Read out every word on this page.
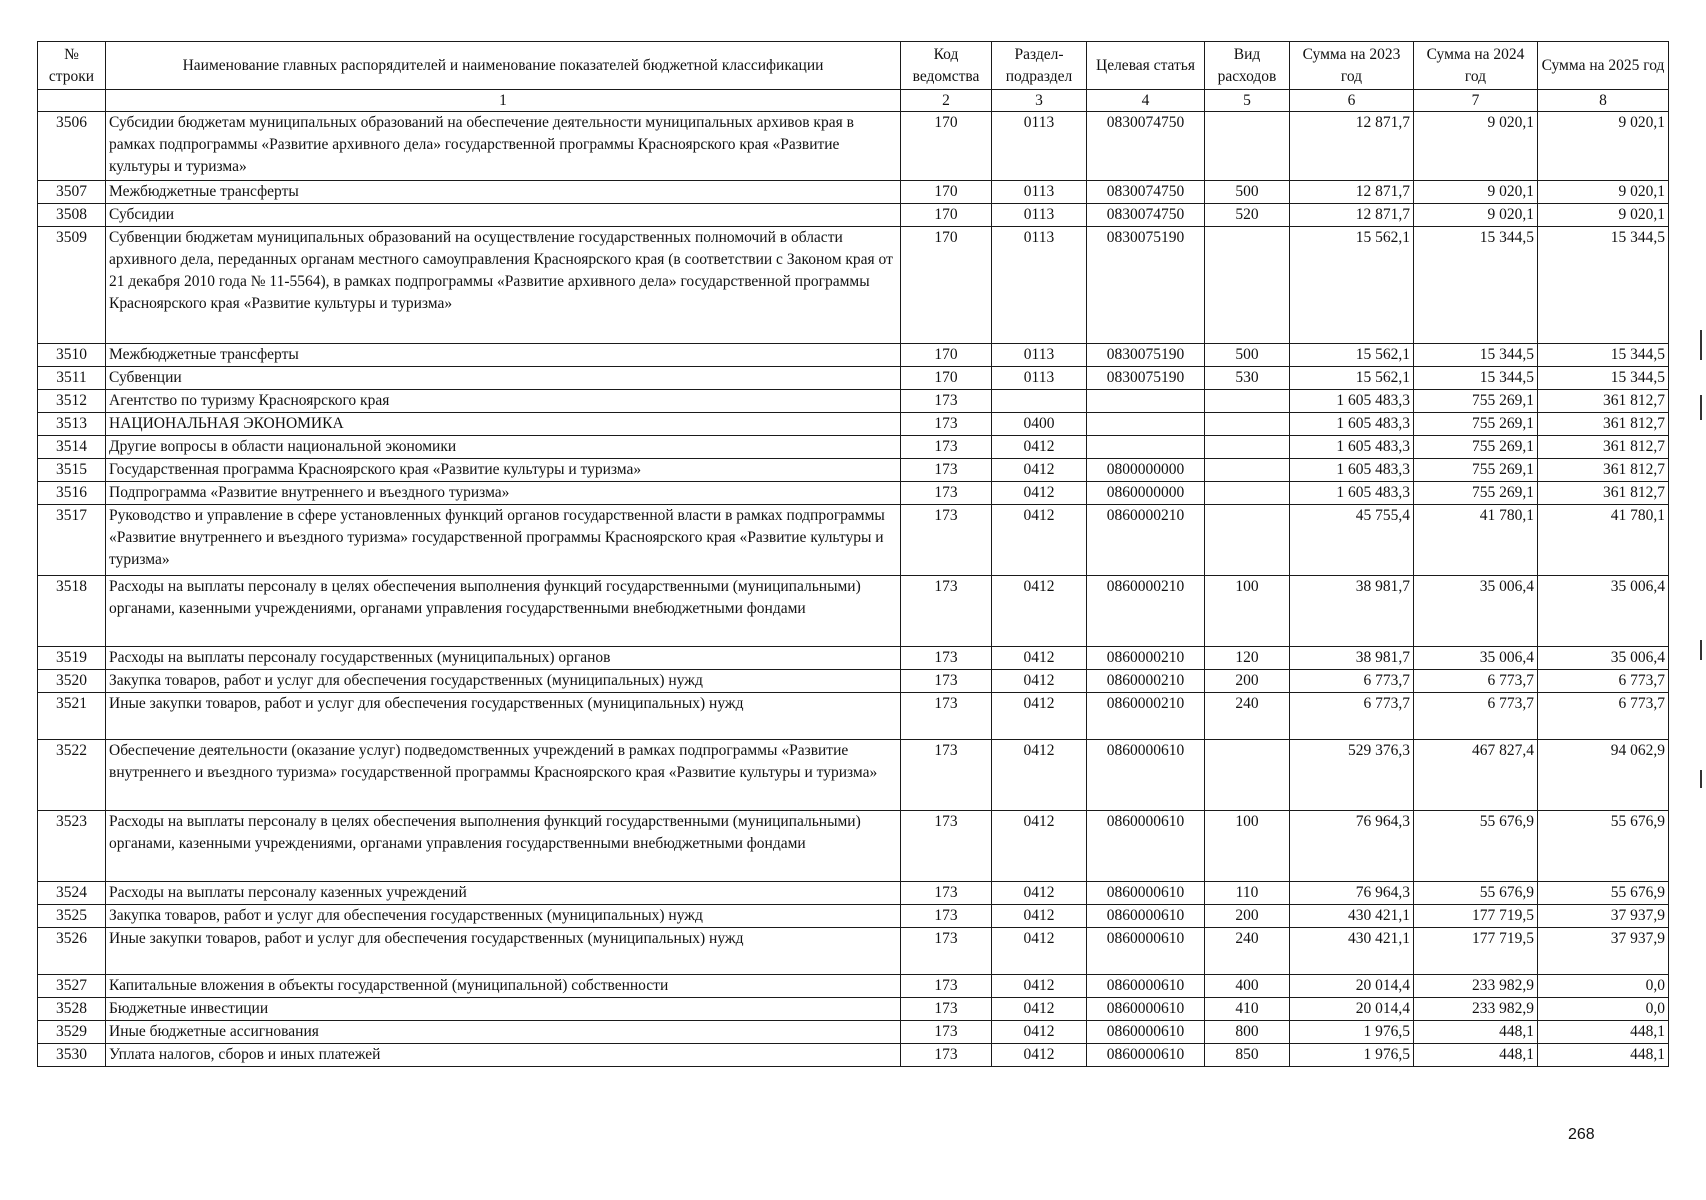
№ строки	Наименование главных распорядителей и наименование показателей бюджетной классификации	Код ведомства	Раздел-подраздел	Целевая статья	Вид расходов	Сумма на 2023 год	Сумма на 2024 год	Сумма на 2025 год
	1	2	3	4	5	6	7	8
3506	Субсидии бюджетам муниципальных образований на обеспечение деятельности муниципальных архивов края в рамках подпрограммы «Развитие архивного дела» государственной программы Красноярского края «Развитие культуры и туризма»	170	0113	0830074750		12 871,7	9 020,1	9 020,1
3507	Межбюджетные трансферты	170	0113	0830074750	500	12 871,7	9 020,1	9 020,1
3508	Субсидии	170	0113	0830074750	520	12 871,7	9 020,1	9 020,1
3509	Субвенции бюджетам муниципальных образований на осуществление государственных полномочий в области архивного дела, переданных органам местного самоуправления Красноярского края (в соответствии с Законом края от 21 декабря 2010 года № 11-5564), в рамках подпрограммы «Развитие архивного дела» государственной программы Красноярского края «Развитие культуры и туризма»	170	0113	0830075190		15 562,1	15 344,5	15 344,5
3510	Межбюджетные трансферты	170	0113	0830075190	500	15 562,1	15 344,5	15 344,5
3511	Субвенции	170	0113	0830075190	530	15 562,1	15 344,5	15 344,5
3512	Агентство по туризму Красноярского края	173				1 605 483,3	755 269,1	361 812,7
3513	НАЦИОНАЛЬНАЯ ЭКОНОМИКА	173	0400			1 605 483,3	755 269,1	361 812,7
3514	Другие вопросы в области национальной экономики	173	0412			1 605 483,3	755 269,1	361 812,7
3515	Государственная программа Красноярского края «Развитие культуры и туризма»	173	0412	0800000000		1 605 483,3	755 269,1	361 812,7
3516	Подпрограмма «Развитие внутреннего и въездного туризма»	173	0412	0860000000		1 605 483,3	755 269,1	361 812,7
3517	Руководство и управление в сфере установленных функций органов государственной власти в рамках подпрограммы «Развитие внутреннего и въездного туризма» государственной программы Красноярского края «Развитие культуры и туризма»	173	0412	0860000210		45 755,4	41 780,1	41 780,1
3518	Расходы на выплаты персоналу в целях обеспечения выполнения функций государственными (муниципальными) органами, казенными учреждениями, органами управления государственными внебюджетными фондами	173	0412	0860000210	100	38 981,7	35 006,4	35 006,4
3519	Расходы на выплаты персоналу государственных (муниципальных) органов	173	0412	0860000210	120	38 981,7	35 006,4	35 006,4
3520	Закупка товаров, работ и услуг для обеспечения государственных (муниципальных) нужд	173	0412	0860000210	200	6 773,7	6 773,7	6 773,7
3521	Иные закупки товаров, работ и услуг для обеспечения государственных (муниципальных) нужд	173	0412	0860000210	240	6 773,7	6 773,7	6 773,7
3522	Обеспечение деятельности (оказание услуг) подведомственных учреждений в рамках подпрограммы «Развитие внутреннего и въездного туризма» государственной программы Красноярского края «Развитие культуры и туризма»	173	0412	0860000610		529 376,3	467 827,4	94 062,9
3523	Расходы на выплаты персоналу в целях обеспечения выполнения функций государственными (муниципальными) органами, казенными учреждениями, органами управления государственными внебюджетными фондами	173	0412	0860000610	100	76 964,3	55 676,9	55 676,9
3524	Расходы на выплаты персоналу казенных учреждений	173	0412	0860000610	110	76 964,3	55 676,9	55 676,9
3525	Закупка товаров, работ и услуг для обеспечения государственных (муниципальных) нужд	173	0412	0860000610	200	430 421,1	177 719,5	37 937,9
3526	Иные закупки товаров, работ и услуг для обеспечения государственных (муниципальных) нужд	173	0412	0860000610	240	430 421,1	177 719,5	37 937,9
3527	Капитальные вложения в объекты государственной (муниципальной) собственности	173	0412	0860000610	400	20 014,4	233 982,9	0,0
3528	Бюджетные инвестиции	173	0412	0860000610	410	20 014,4	233 982,9	0,0
3529	Иные бюджетные ассигнования	173	0412	0860000610	800	1 976,5	448,1	448,1
3530	Уплата налогов, сборов и иных платежей	173	0412	0860000610	850	1 976,5	448,1	448,1
268
